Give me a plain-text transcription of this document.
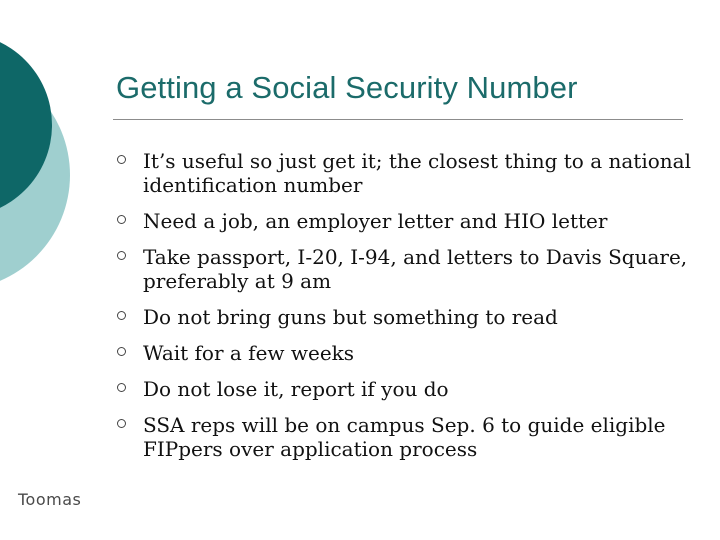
Getting a Social Security Number
It’s useful so just get it; the closest thing to a national identification number
Need a job, an employer letter and HIO letter
Take passport, I-20, I-94, and letters to Davis Square, preferably at 9 am
Do not bring guns but something to read
Wait for a few weeks
Do not lose it, report if you do
SSA reps will be on campus Sep. 6 to guide eligible FIPpers over application process
Toomas
